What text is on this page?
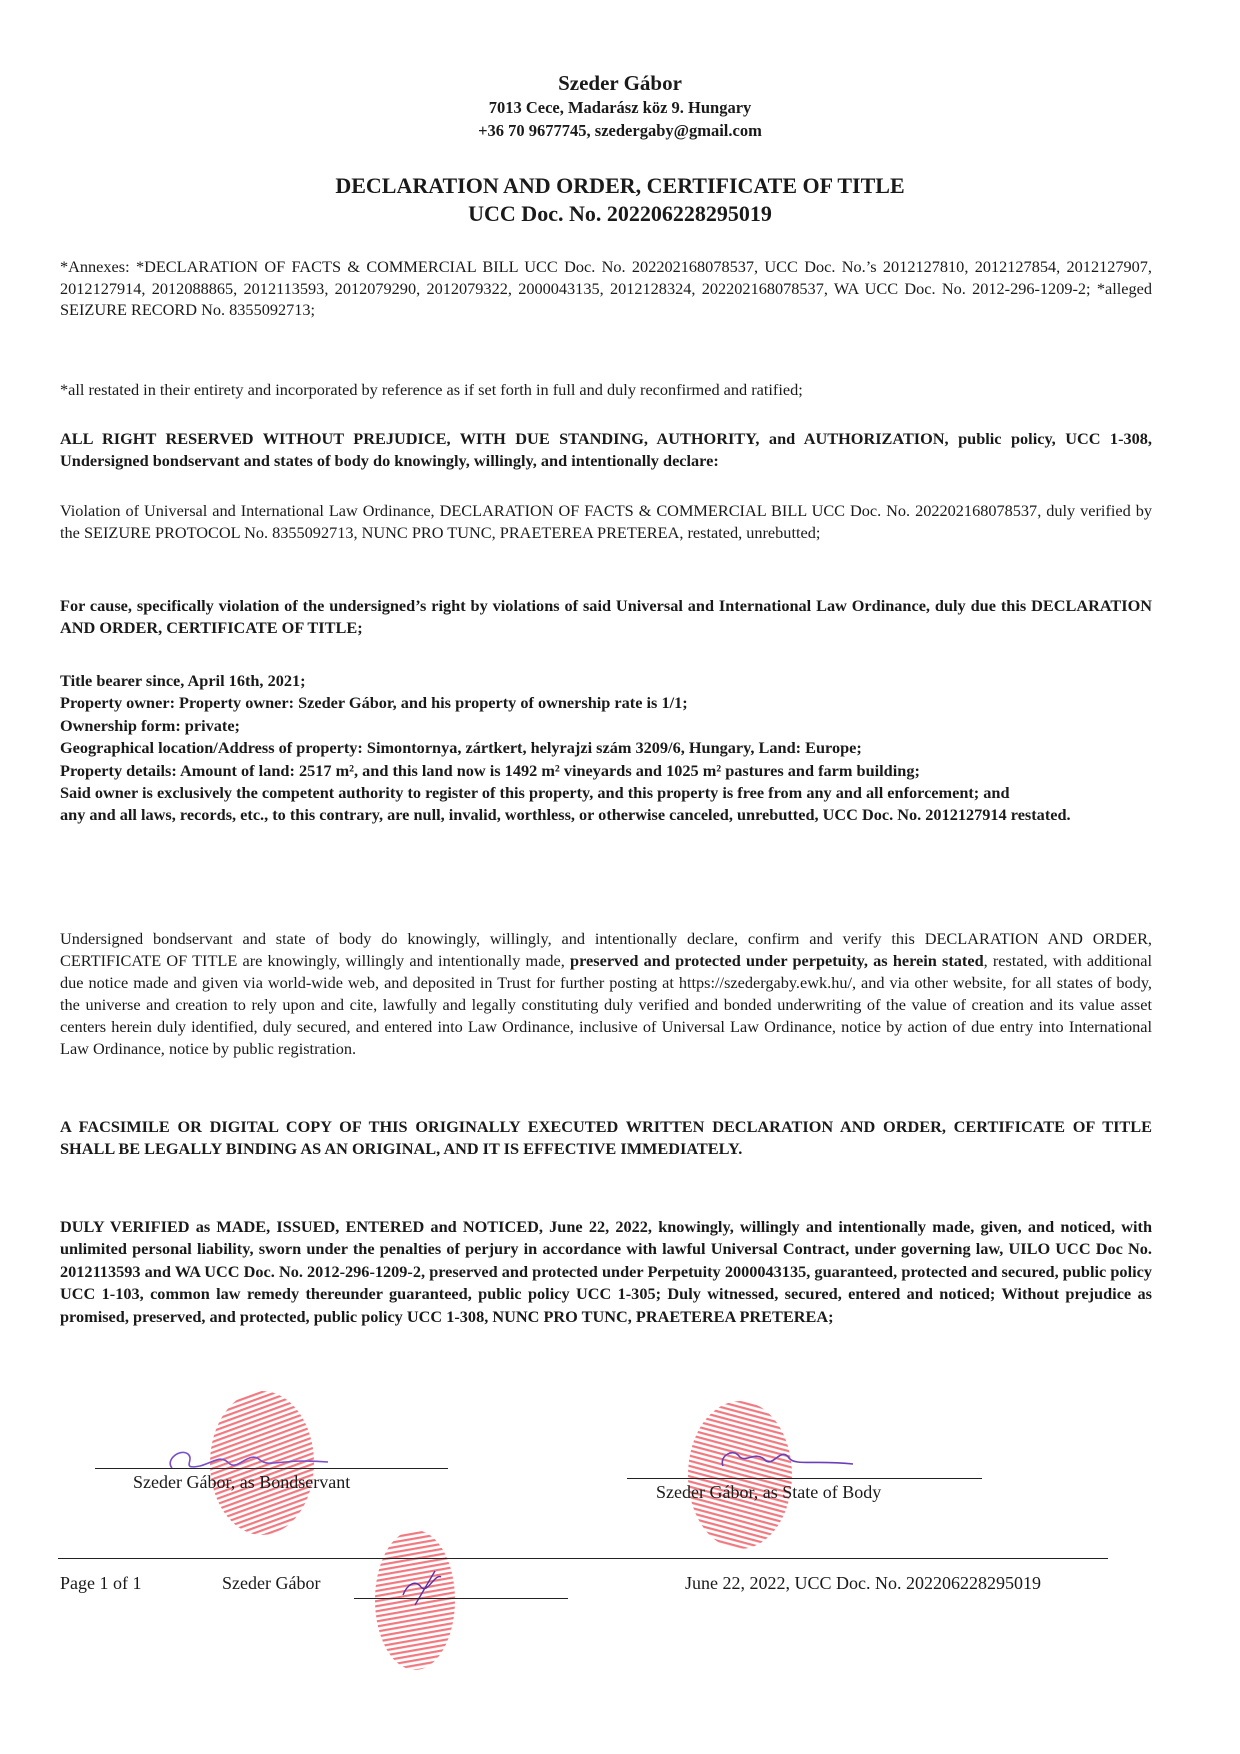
Szeder Gábor
7013 Cece, Madarász köz 9. Hungary
+36 70 9677745, szedergaby@gmail.com
DECLARATION AND ORDER, CERTIFICATE OF TITLE
UCC Doc. No. 202206228295019
*Annexes: *DECLARATION OF FACTS & COMMERCIAL BILL UCC Doc. No. 202202168078537, UCC Doc. No.’s 2012127810, 2012127854, 2012127907, 2012127914, 2012088865, 2012113593, 2012079290, 2012079322, 2000043135, 2012128324, 202202168078537, WA UCC Doc. No. 2012-296-1209-2; *alleged SEIZURE RECORD No. 8355092713;
*all restated in their entirety and incorporated by reference as if set forth in full and duly reconfirmed and ratified;
ALL RIGHT RESERVED WITHOUT PREJUDICE, WITH DUE STANDING, AUTHORITY, and AUTHORIZATION, public policy, UCC 1-308, Undersigned bondservant and states of body do knowingly, willingly, and intentionally declare:
Violation of Universal and International Law Ordinance, DECLARATION OF FACTS & COMMERCIAL BILL UCC Doc. No. 202202168078537, duly verified by the SEIZURE PROTOCOL No. 8355092713, NUNC PRO TUNC, PRAETEREA PRETEREA, restated, unrebutted;
For cause, specifically violation of the undersigned’s right by violations of said Universal and International Law Ordinance, duly due this DECLARATION AND ORDER, CERTIFICATE OF TITLE;
Title bearer since, April 16th, 2021;
Property owner: Property owner: Szeder Gábor, and his property of ownership rate is 1/1;
Ownership form: private;
Geographical location/Address of property: Simontornya, zártkert, helyrajzi szám 3209/6, Hungary, Land: Europe;
Property details: Amount of land: 2517 m², and this land now is 1492 m² vineyards and 1025 m² pastures and farm building;
Said owner is exclusively the competent authority to register of this property, and this property is free from any and all enforcement; and
any and all laws, records, etc., to this contrary, are null, invalid, worthless, or otherwise canceled, unrebutted, UCC Doc. No. 2012127914 restated.
Undersigned bondservant and state of body do knowingly, willingly, and intentionally declare, confirm and verify this DECLARATION AND ORDER, CERTIFICATE OF TITLE are knowingly, willingly and intentionally made, preserved and protected under perpetuity, as herein stated, restated, with additional due notice made and given via world-wide web, and deposited in Trust for further posting at https://szedergaby.ewk.hu/, and via other website, for all states of body, the universe and creation to rely upon and cite, lawfully and legally constituting duly verified and bonded underwriting of the value of creation and its value asset centers herein duly identified, duly secured, and entered into Law Ordinance, inclusive of Universal Law Ordinance, notice by action of due entry into International Law Ordinance, notice by public registration.
A FACSIMILE OR DIGITAL COPY OF THIS ORIGINALLY EXECUTED WRITTEN DECLARATION AND ORDER, CERTIFICATE OF TITLE SHALL BE LEGALLY BINDING AS AN ORIGINAL, AND IT IS EFFECTIVE IMMEDIATELY.
DULY VERIFIED as MADE, ISSUED, ENTERED and NOTICED, June 22, 2022, knowingly, willingly and intentionally made, given, and noticed, with unlimited personal liability, sworn under the penalties of perjury in accordance with lawful Universal Contract, under governing law, UILO UCC Doc No. 2012113593 and WA UCC Doc. No. 2012-296-1209-2, preserved and protected under Perpetuity 2000043135, guaranteed, protected and secured, public policy UCC 1-103, common law remedy thereunder guaranteed, public policy UCC 1-305; Duly witnessed, secured, entered and noticed; Without prejudice as promised, preserved, and protected, public policy UCC 1-308, NUNC PRO TUNC, PRAETEREA PRETEREA;
Szeder Gábor, as Bondservant	Szeder Gábor, as State of Body
Page 1 of 1	Szeder Gábor	June 22, 2022, UCC Doc. No. 202206228295019
